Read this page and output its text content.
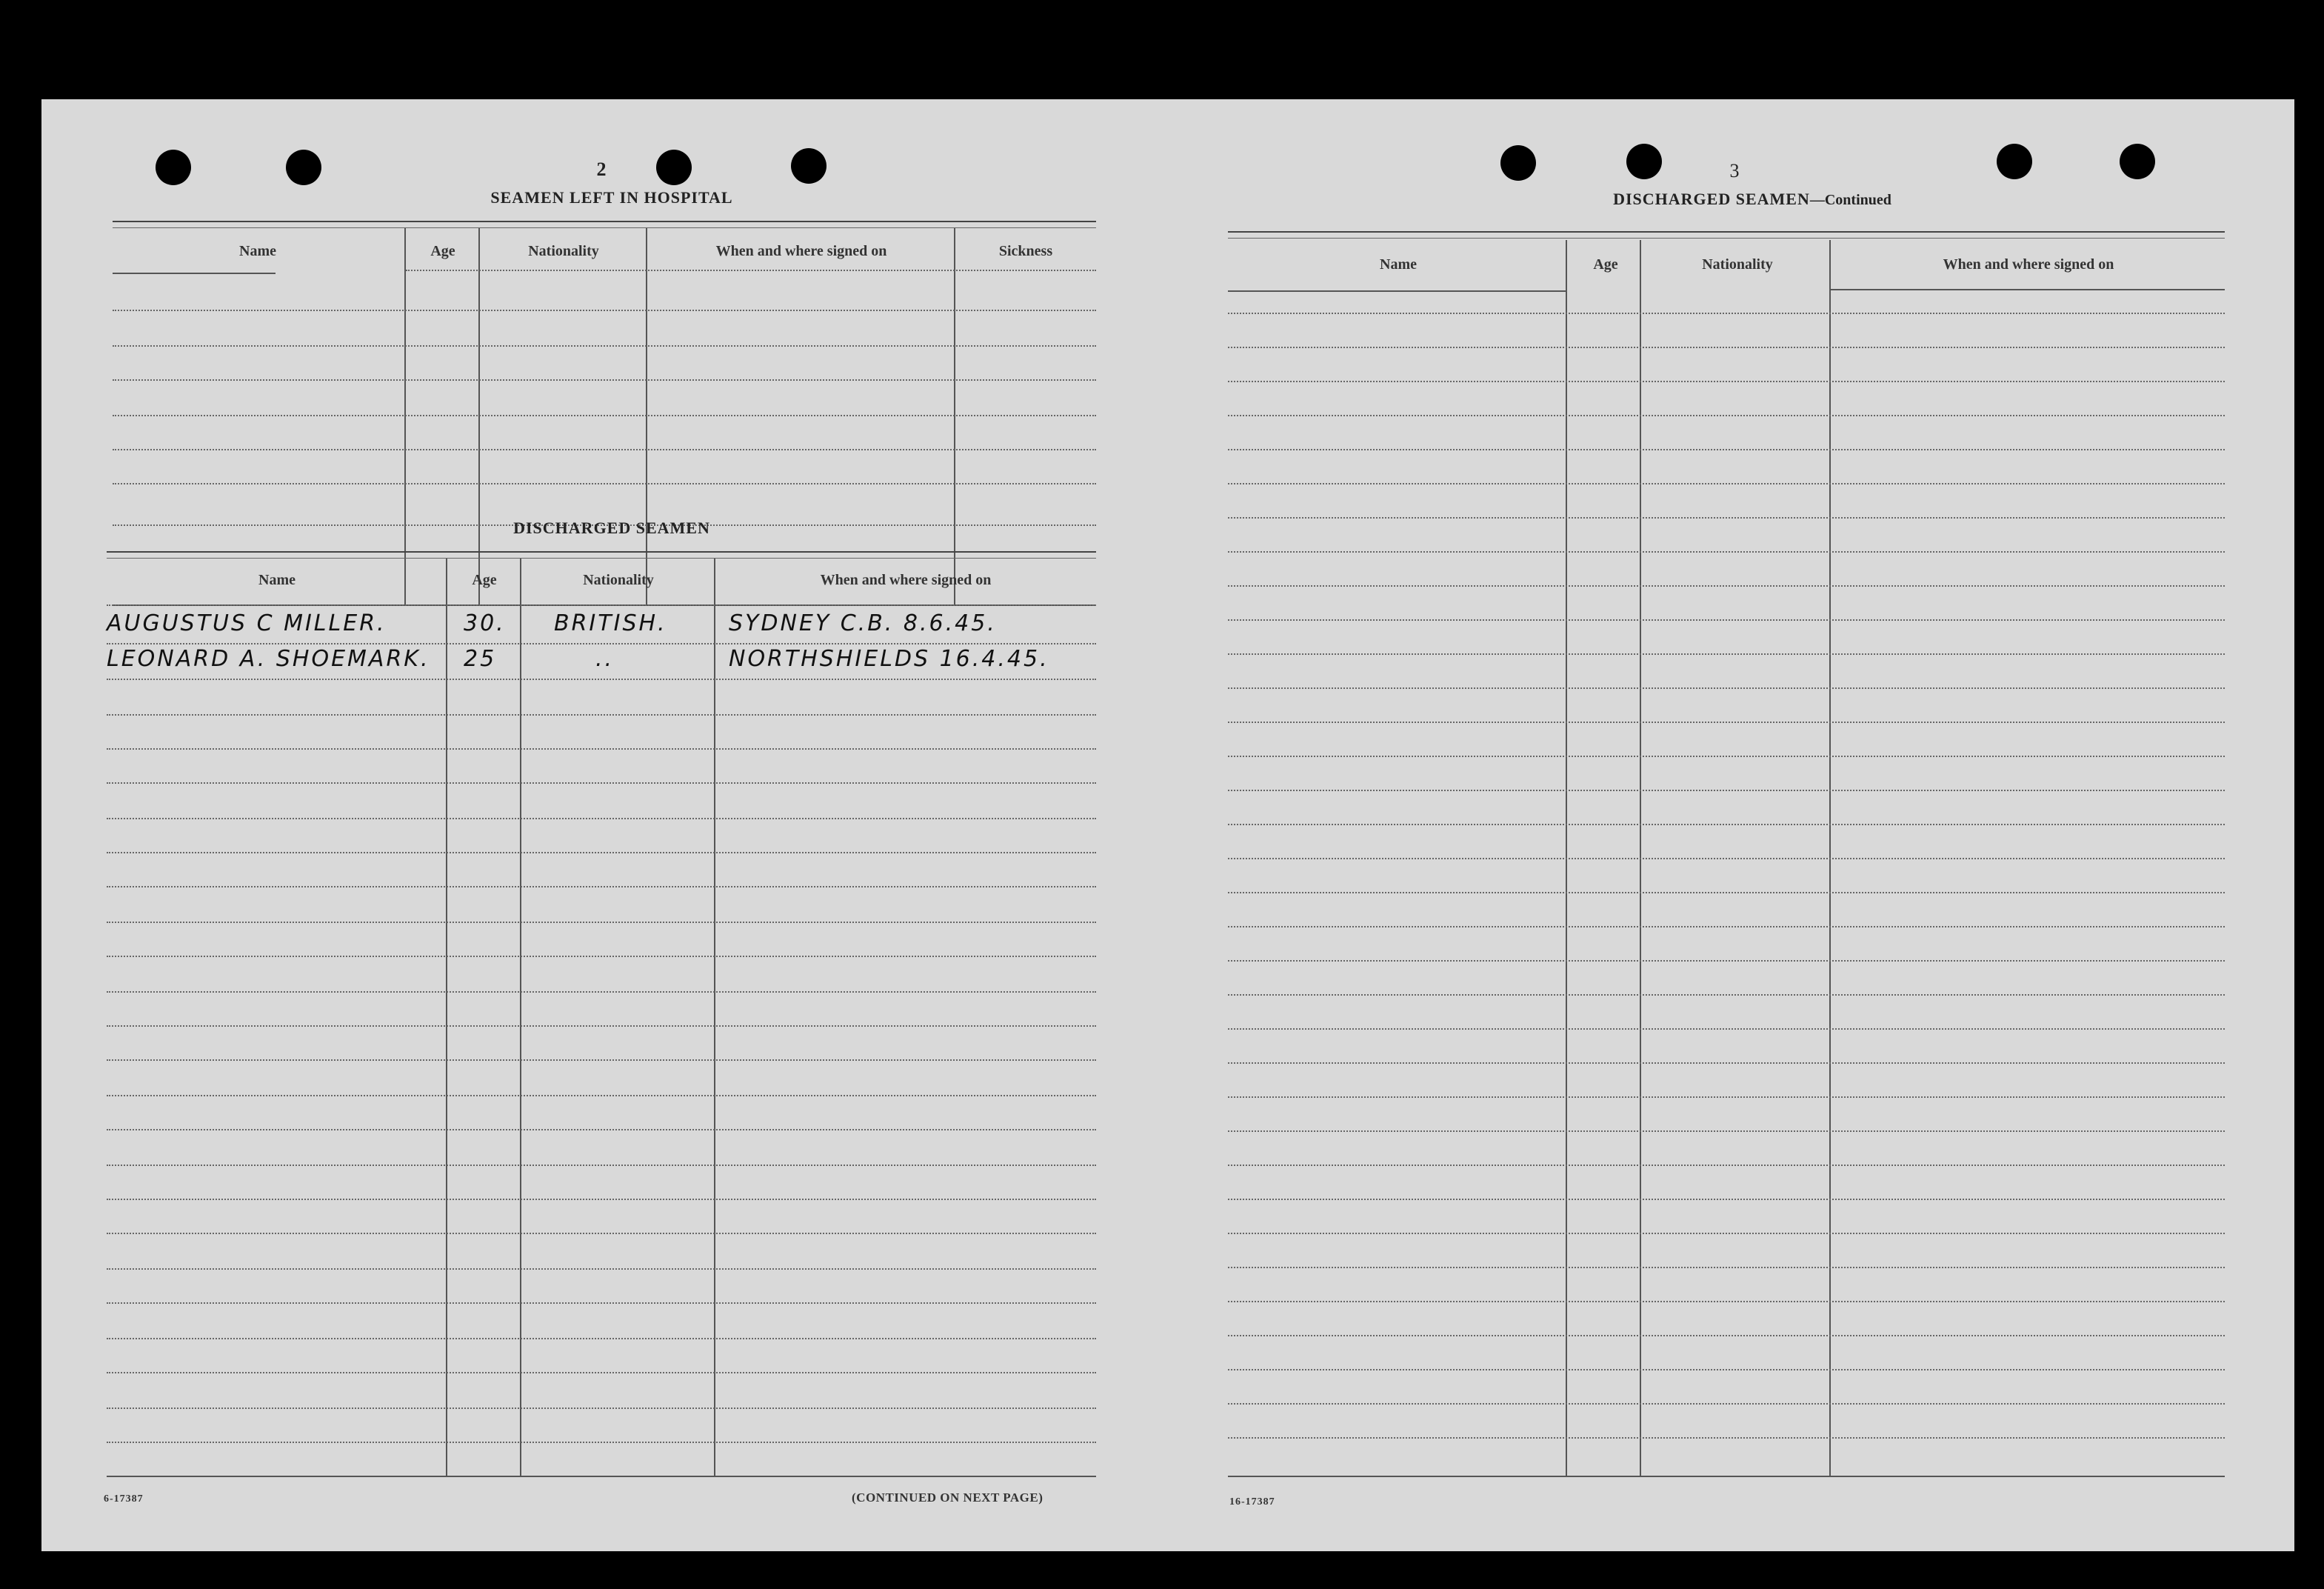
2
SEAMEN LEFT IN HOSPITAL
Name	Age	Nationality	When and where signed on	Sickness
DISCHARGED SEAMEN
Name	Age	Nationality	When and where signed on
AUGUSTUS C MILLER.	30. BRITISH.	SYDNEY C.B. 8.6.45.
LEONARD A. SHOEMARK. 25	..	NORTHSHIELDS 16.4.45.
6-17387	(CONTINUED ON NEXT PAGE)
3
DISCHARGED SEAMEN—Continued
Name	Age	Nationality	When and where signed on
16-17387
